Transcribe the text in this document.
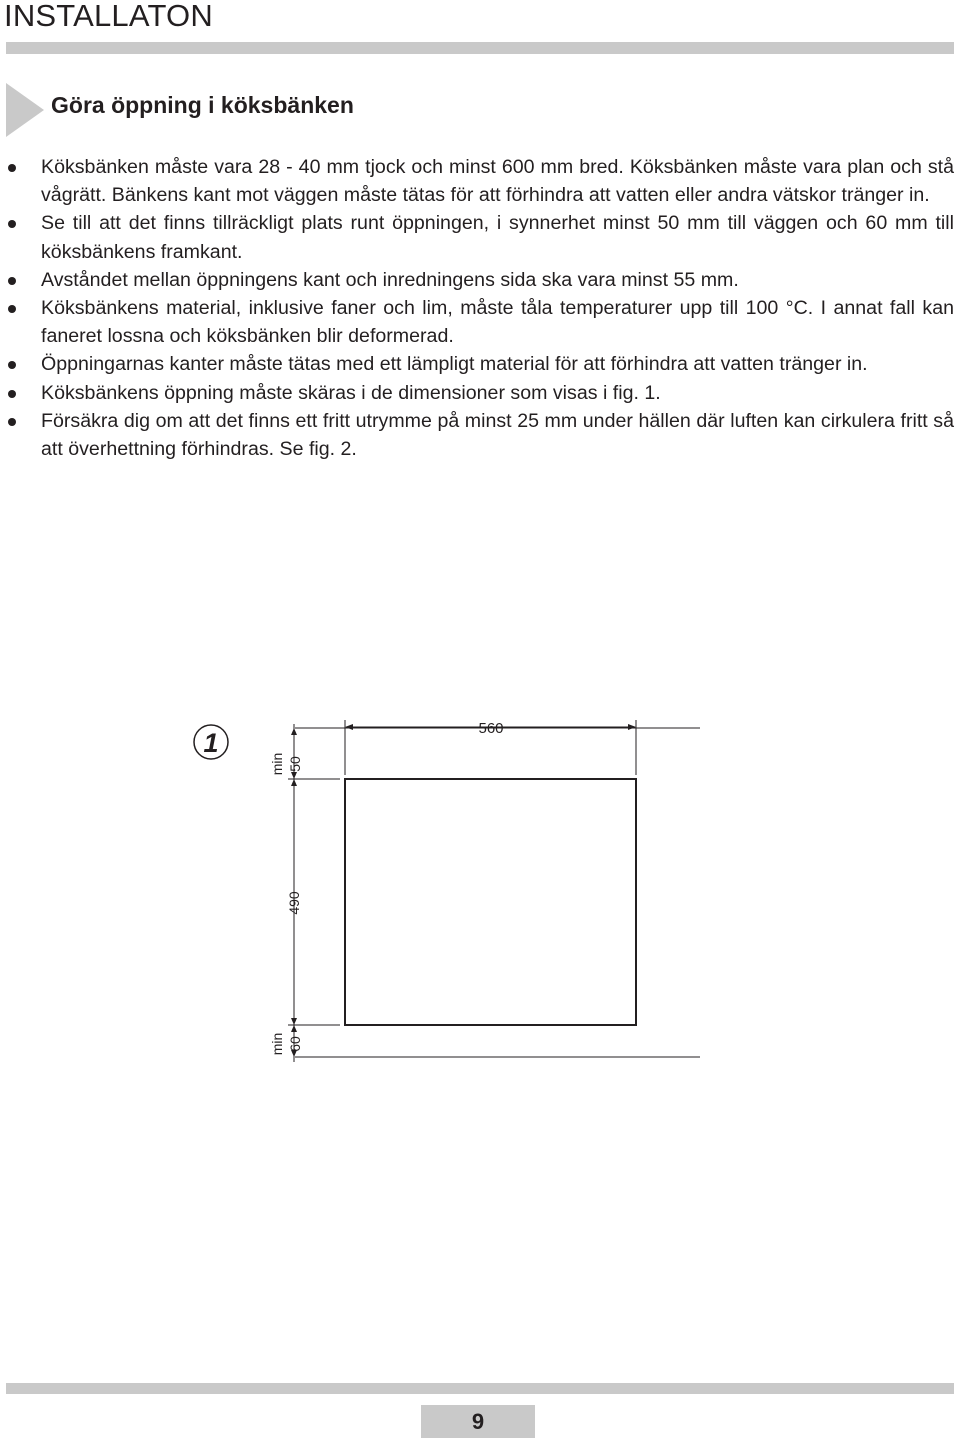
INSTALLATON
Göra öppning i köksbänken
Köksbänken måste vara 28 - 40 mm tjock och minst 600 mm bred. Köksbänken måste vara plan och stå vågrätt. Bänkens kant mot väggen måste tätas för att förhindra att vatten eller andra vätskor tränger in.
Se till att det finns tillräckligt plats runt öppningen, i synnerhet minst 50 mm till väggen och 60 mm till köksbänkens framkant.
Avståndet mellan öppningens kant och inredningens sida ska vara minst 55 mm.
Köksbänkens material, inklusive faner och lim, måste tåla temperaturer upp till 100 °C. I annat fall kan faneret lossna och köksbänken blir deformerad.
Öppningarnas kanter måste tätas med ett lämpligt material för att förhindra att vatten tränger in.
Köksbänkens öppning måste skäras i de dimensioner som visas i fig. 1.
Försäkra dig om att det finns ett fritt utrymme på minst 25 mm under hällen där luften kan cirkulera fritt så att överhettning förhindras. Se fig. 2.
1	560
min 50
490
min 60
9
